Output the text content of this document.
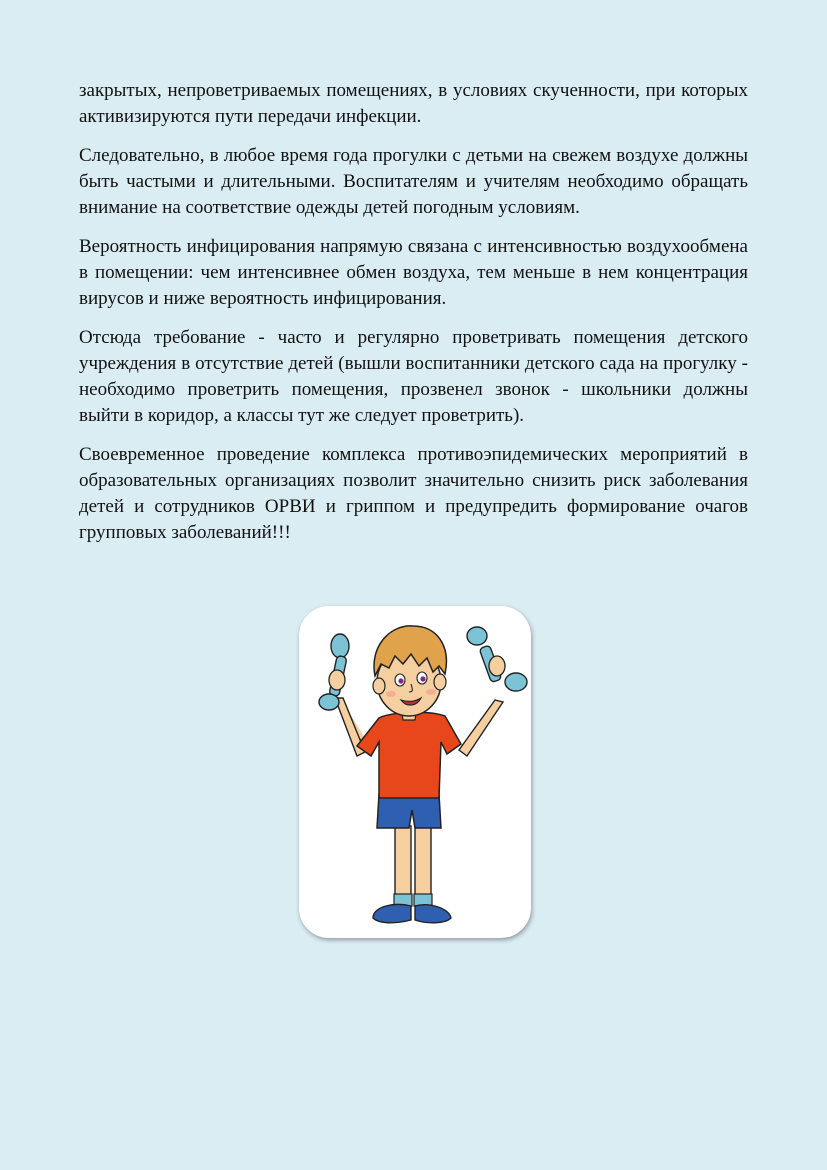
закрытых, непроветриваемых помещениях, в условиях скученности, при которых активизируются пути передачи инфекции.

Следовательно, в любое время года прогулки с детьми на свежем воздухе должны быть частыми и длительными. Воспитателям и учителям необходимо обращать внимание на соответствие одежды детей погодным условиям.

Вероятность инфицирования напрямую связана с интенсивностью воздухообмена в помещении: чем интенсивнее обмен воздуха, тем меньше в нем концентрация вирусов и ниже вероятность инфицирования.

Отсюда требование - часто и регулярно проветривать помещения детского учреждения в отсутствие детей (вышли воспитанники детского сада на прогулку - необходимо проветрить помещения, прозвенел звонок - школьники должны выйти в коридор, а классы тут же следует проветрить).

Своевременное проведение комплекса противоэпидемических мероприятий в образовательных организациях позволит значительно снизить риск заболевания детей и сотрудников ОРВИ и гриппом и предупредить формирование очагов групповых заболеваний!!!
